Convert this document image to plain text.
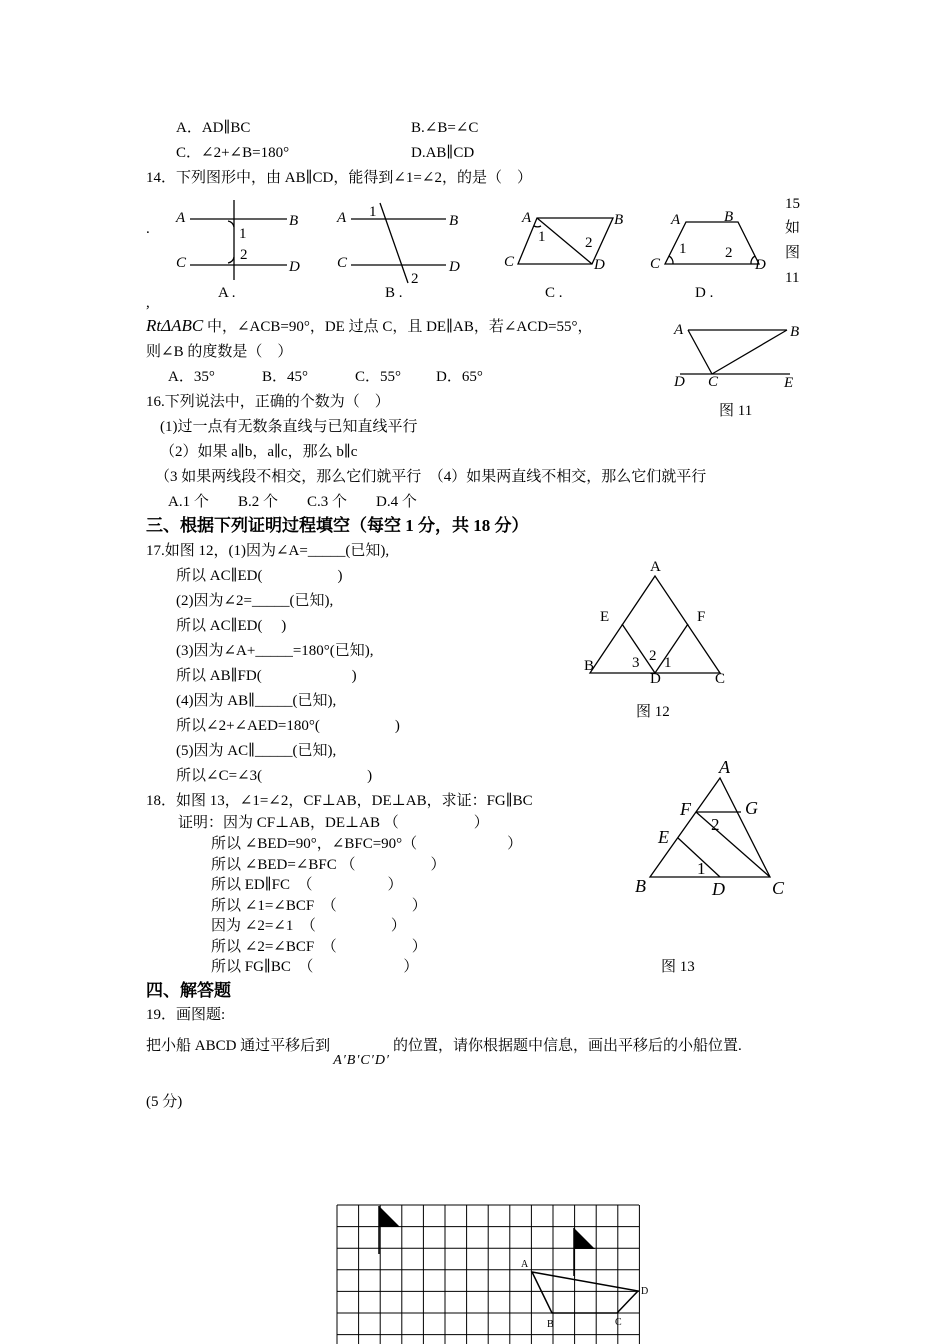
A．AD∥BC	B.∠B=∠C
C．∠2+∠B=180°	D.AB∥CD
14．下列图形中，由 AB∥CD，能得到∠1=∠2，的是（　）
.
A	B
C	D
A	B
C	D
A	B
C	D
A	B
C	D
1
2
1
2
1	2	1	2
A .	B .	C .	D .
15
如
图
11
,
RtΔABC 中，∠ACB=90°，DE 过点 C，且 DE∥AB，若∠ACD=55°，
则∠B 的度数是（　）
A．35°	B．45°	C．55° D．65°
A	B
C
D	E
图 11
16.下列说法中，正确的个数为（　）
(1)过一点有无数条直线与已知直线平行
（2）如果 a∥b，a∥c，那么 b∥c
（3 如果两线段不相交，那么它们就平行　（4）如果两直线不相交，那么它们就平行
A.1 个 B.2 个 C.3 个 D.4 个
三、根据下列证明过程填空（每空 1 分，共 18 分）
17.如图 12，(1)因为∠A=_____(已知),
所以 AC∥ED(　　　　　)
(2)因为∠2=_____(已知),
所以 AC∥ED(　 )
(3)因为∠A+_____=180°(已知),
所以 AB∥FD(　　　　　　)
(4)因为 AB∥_____(已知),
所以∠2+∠AED=180°(　　　　　)
(5)因为 AC∥_____(已知),
所以∠C=∠3(　　　　　　　)
A
E	F
B
D	C
3 2 1
图 12
18．如图 13，∠1=∠2，CF⊥AB，DE⊥AB，求证：FG∥BC
证明：因为 CF⊥AB，DE⊥AB （　　　　　）
所以 ∠BED=90°，∠BFC=90°（　　　　　　）
所以 ∠BED=∠BFC （　　　　　）
所以 ED∥FC　（　　　　　）
所以 ∠1=∠BCF　（　　　　　）
因为 ∠2=∠1　（　　　　　）
所以 ∠2=∠BCF　（　　　　　）
所以 FG∥BC　（　　　　　　）
A
F	G
E
B	D	C
2
1
图 13
四、解答题
19．画图题:
把小船 ABCD 通过平移后到A′B′C′D′的位置，请你根据题中信息，画出平移后的小船位置.
(5 分)
A
B	C
D
